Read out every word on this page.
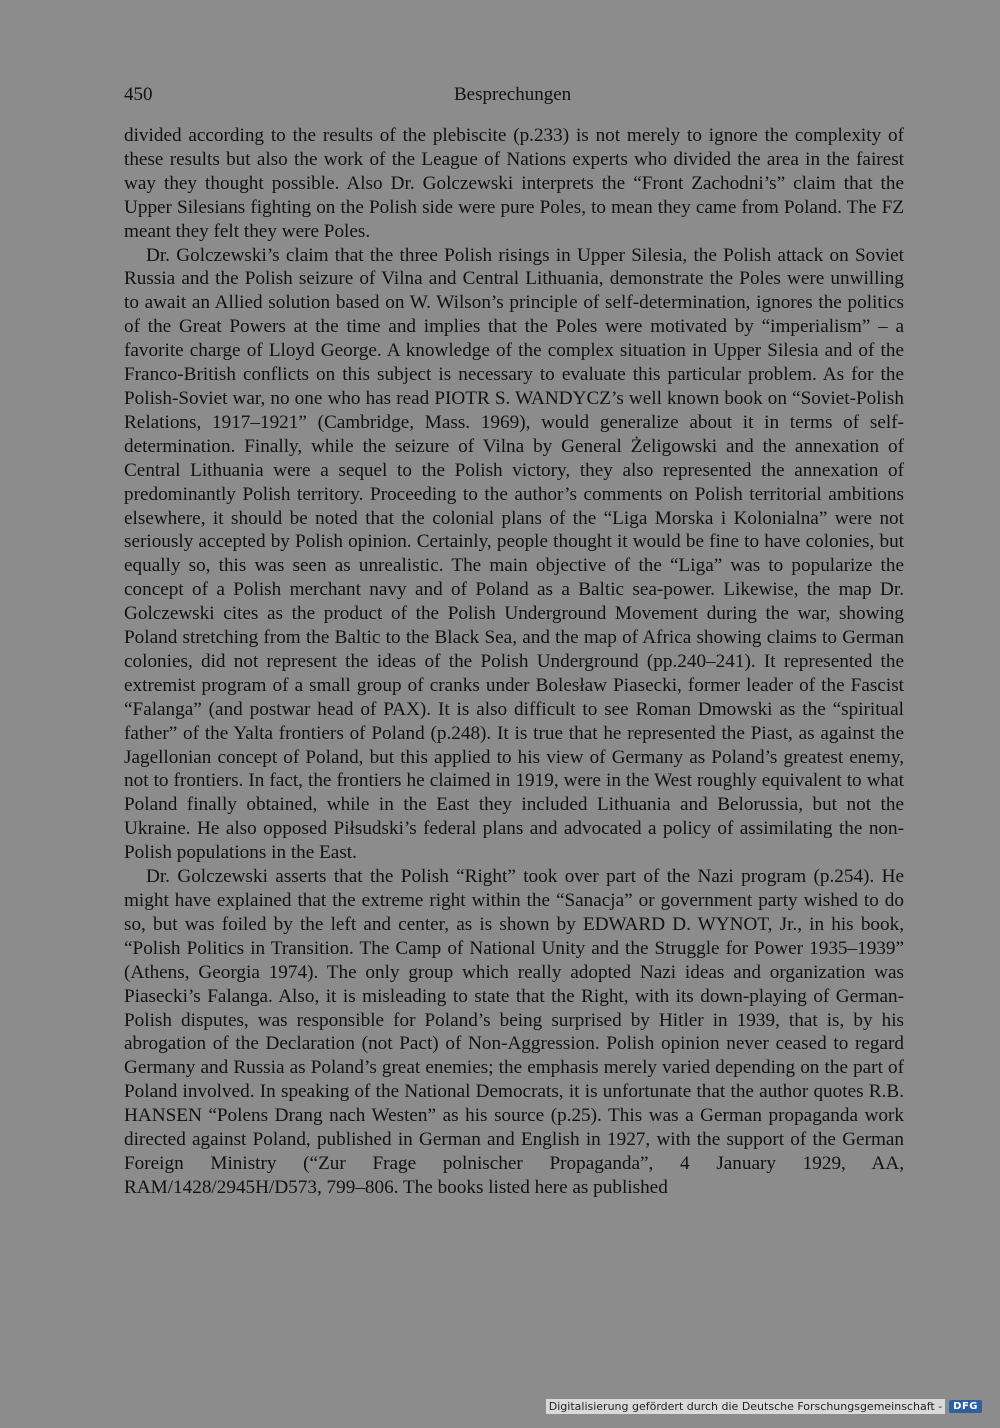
450	Besprechungen

divided according to the results of the plebiscite (p.233) is not merely to ignore the complexity of these results but also the work of the League of Nations experts who divided the area in the fairest way they thought possible. Also Dr. Golczewski interprets the “Front Zachodni’s” claim that the Upper Silesians fighting on the Polish side were pure Poles, to mean they came from Poland. The FZ meant they felt they were Poles.

Dr. Golczewski’s claim that the three Polish risings in Upper Silesia, the Polish attack on Soviet Russia and the Polish seizure of Vilna and Central Lithuania, demonstrate the Poles were unwilling to await an Allied solution based on W. Wilson’s principle of self-determination, ignores the politics of the Great Powers at the time and implies that the Poles were motivated by “imperialism” – a favorite charge of Lloyd George. A knowledge of the complex situation in Upper Silesia and of the Franco-British conflicts on this subject is necessary to evaluate this particular problem. As for the Polish-Soviet war, no one who has read PIOTR S. WANDYCZ’s well known book on “Soviet-Polish Relations, 1917–1921” (Cambridge, Mass. 1969), would generalize about it in terms of self-determination. Finally, while the seizure of Vilna by General Żeligowski and the annexation of Central Lithuania were a sequel to the Polish victory, they also represented the annexation of predominantly Polish territory. Proceeding to the author’s comments on Polish territorial ambitions elsewhere, it should be noted that the colonial plans of the “Liga Morska i Kolonialna” were not seriously accepted by Polish opinion. Certainly, people thought it would be fine to have colonies, but equally so, this was seen as unrealistic. The main objective of the “Liga” was to popularize the concept of a Polish merchant navy and of Poland as a Baltic sea-power. Likewise, the map Dr. Golczewski cites as the product of the Polish Underground Movement during the war, showing Poland stretching from the Baltic to the Black Sea, and the map of Africa showing claims to German colonies, did not represent the ideas of the Polish Underground (pp.240–241). It represented the extremist program of a small group of cranks under Bolesław Piasecki, former leader of the Fascist “Falanga” (and postwar head of PAX). It is also difficult to see Roman Dmowski as the “spiritual father” of the Yalta frontiers of Poland (p.248). It is true that he represented the Piast, as against the Jagellonian concept of Poland, but this applied to his view of Germany as Poland’s greatest enemy, not to frontiers. In fact, the frontiers he claimed in 1919, were in the West roughly equivalent to what Poland finally obtained, while in the East they included Lithuania and Belorussia, but not the Ukraine. He also opposed Piłsudski’s federal plans and advocated a policy of assimilating the non-Polish populations in the East.

Dr. Golczewski asserts that the Polish “Right” took over part of the Nazi program (p.254). He might have explained that the extreme right within the “Sanacja” or government party wished to do so, but was foiled by the left and center, as is shown by EDWARD D. WYNOT, Jr., in his book, “Polish Politics in Transition. The Camp of National Unity and the Struggle for Power 1935–1939” (Athens, Georgia 1974). The only group which really adopted Nazi ideas and organization was Piasecki’s Falanga. Also, it is misleading to state that the Right, with its down-playing of German-Polish disputes, was responsible for Poland’s being surprised by Hitler in 1939, that is, by his abrogation of the Declaration (not Pact) of Non-Aggression. Polish opinion never ceased to regard Germany and Russia as Poland’s great enemies; the emphasis merely varied depending on the part of Poland involved. In speaking of the National Democrats, it is unfortunate that the author quotes R.B. HANSEN “Polens Drang nach Westen” as his source (p.25). This was a German propaganda work directed against Poland, published in German and English in 1927, with the support of the German Foreign Ministry (“Zur Frage polnischer Propaganda”, 4 January 1929, AA, RAM/1428/2945H/D573, 799–806. The books listed here as published

Digitalisierung gefördert durch die Deutsche Forschungsgemeinschaft -	DFG
